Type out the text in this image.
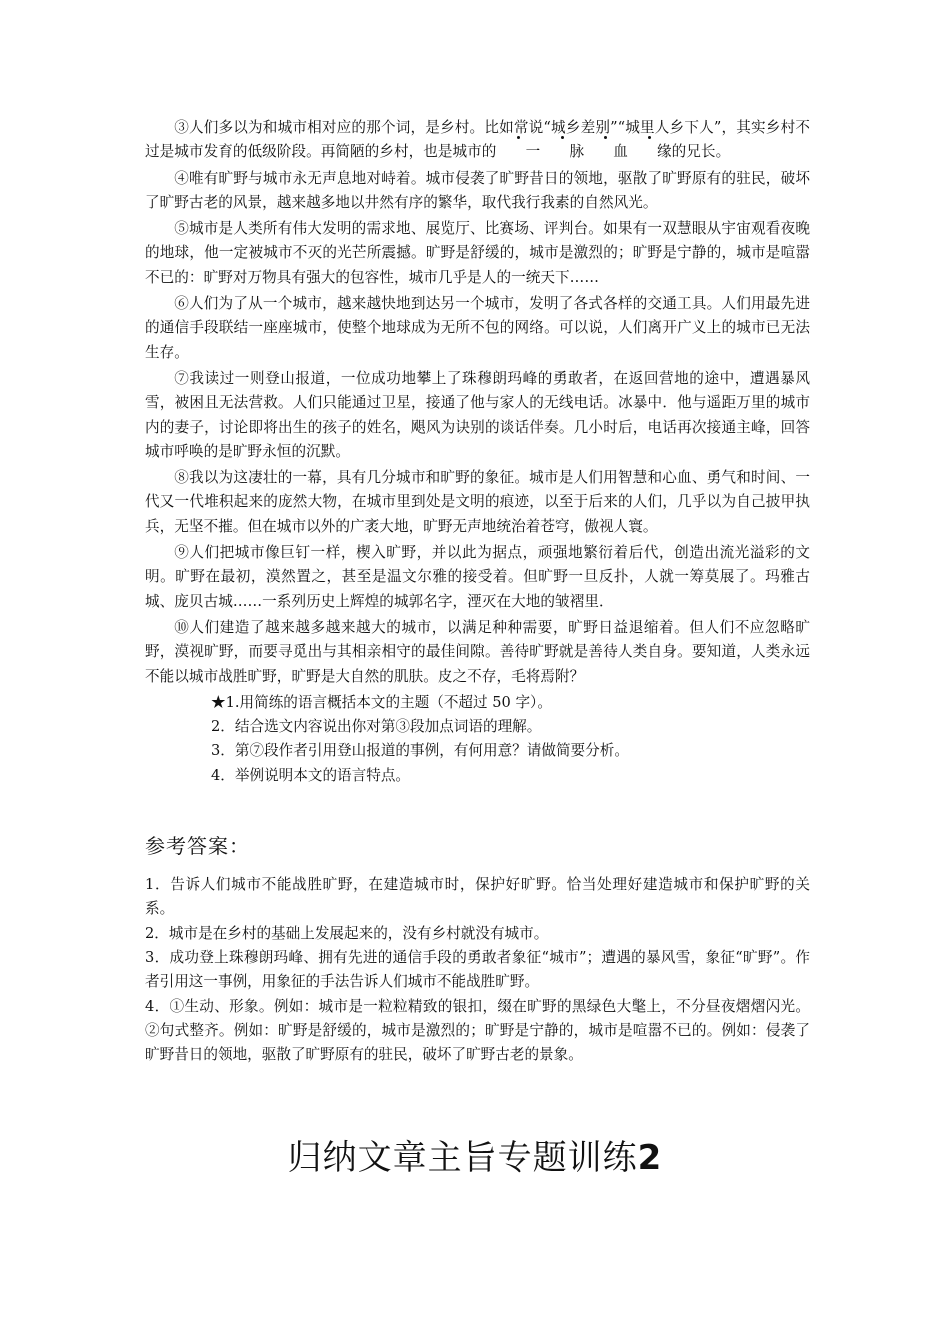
③人们多以为和城市相对应的那个词，是乡村。比如常说“城乡差别”“城里人乡下人”，其实乡村不过是城市发育的低级阶段。再简陋的乡村，也是城市的 一 脉 血 缘的兄长。

④唯有旷野与城市永无声息地对峙着。城市侵袭了旷野昔日的领地，驱散了旷野原有的驻民，破坏了旷野古老的风景，越来越多地以井然有序的繁华，取代我行我素的自然风光。

⑤城市是人类所有伟大发明的需求地、展览厅、比赛场、评判台。如果有一双慧眼从宇宙观看夜晚的地球，他一定被城市不灭的光芒所震撼。旷野是舒缓的，城市是激烈的；旷野是宁静的，城市是喧嚣不已的：旷野对万物具有强大的包容性，城市几乎是人的一统天下……

⑥人们为了从一个城市，越来越快地到达另一个城市，发明了各式各样的交通工具。人们用最先进的通信手段联结一座座城市，使整个地球成为无所不包的网络。可以说，人们离开广义上的城市已无法生存。

⑦我读过一则登山报道，一位成功地攀上了珠穆朗玛峰的勇敢者，在返回营地的途中，遭遇暴风雪，被困且无法营救。人们只能通过卫星，接通了他与家人的无线电话。冰暴中．他与遥距万里的城市内的妻子，讨论即将出生的孩子的姓名，飓风为诀别的谈话伴奏。几小时后，电话再次接通主峰，回答城市呼唤的是旷野永恒的沉默。

⑧我以为这凄壮的一幕，具有几分城市和旷野的象征。城市是人们用智慧和心血、勇气和时间、一代又一代堆积起来的庞然大物，在城市里到处是文明的痕迹，以至于后来的人们，几乎以为自己披甲执兵，无坚不摧。但在城市以外的广袤大地，旷野无声地统治着苍穹，傲视人寰。

⑨人们把城市像巨钉一样，楔入旷野，并以此为据点，顽强地繁衍着后代，创造出流光溢彩的文明。旷野在最初，漠然置之，甚至是温文尔雅的接受着。但旷野一旦反扑，人就一筹莫展了。玛雅古城、庞贝古城……一系列历史上辉煌的城郭名字，湮灭在大地的皱褶里．

⑩人们建造了越来越多越来越大的城市，以满足种种需要，旷野日益退缩着。但人们不应忽略旷野，漠视旷野，而要寻觅出与其相亲相守的最佳间隙。善待旷野就是善待人类自身。要知道，人类永远不能以城市战胜旷野，旷野是大自然的肌肤。皮之不存，毛将焉附？

★1.用简练的语言概括本文的主题（不超过 50 字）。

2．结合选文内容说出你对第③段加点词语的理解。

3．第⑦段作者引用登山报道的事例，有何用意？请做简要分析。

4．举例说明本文的语言特点。

参考答案：

1．告诉人们城市不能战胜旷野，在建造城市时，保护好旷野。恰当处理好建造城市和保护旷野的关系。

2．城市是在乡村的基础上发展起来的，没有乡村就没有城市。

3．成功登上珠穆朗玛峰、拥有先进的通信手段的勇敢者象征“城市”；遭遇的暴风雪，象征“旷野”。作者引用这一事例，用象征的手法告诉人们城市不能战胜旷野。

4．①生动、形象。例如：城市是一粒粒精致的银扣，缀在旷野的黑绿色大氅上，不分昼夜熠熠闪光。②句式整齐。例如：旷野是舒缓的，城市是激烈的；旷野是宁静的，城市是喧嚣不已的。例如：侵袭了旷野昔日的领地，驱散了旷野原有的驻民，破坏了旷野古老的景象。

归纳文章主旨专题训练2
